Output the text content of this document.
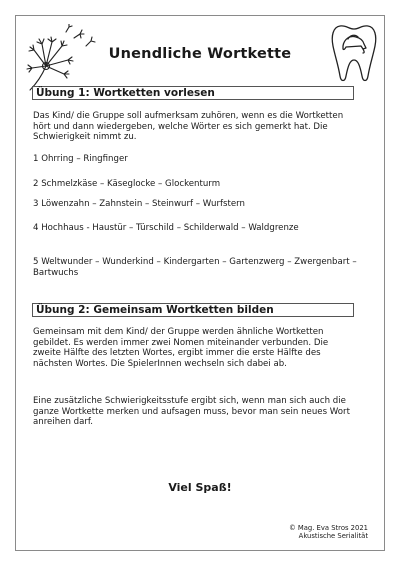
Unendliche Wortkette
Übung 1: Wortketten vorlesen

Das Kind/ die Gruppe soll aufmerksam zuhören, wenn es die Wortketten hört und dann wiedergeben, welche Wörter es sich gemerkt hat. Die Schwierigkeit nimmt zu.

1 Ohrring – Ringfinger
2 Schmelzkäse – Käseglocke – Glockenturm
3 Löwenzahn – Zahnstein – Steinwurf – Wurfstern
4 Hochhaus - Haustür – Türschild – Schilderwald – Waldgrenze
5 Weltwunder – Wunderkind – Kindergarten – Gartenzwerg – Zwergenbart – Bartwuchs
Übung 2: Gemeinsam Wortketten bilden

Gemeinsam mit dem Kind/ der Gruppe werden ähnliche Wortketten gebildet. Es werden immer zwei Nomen miteinander verbunden. Die zweite Hälfte des letzten Wortes, ergibt immer die erste Hälfte des nächsten Wortes. Die SpielerInnen wechseln sich dabei ab.

Eine zusätzliche Schwierigkeitsstufe ergibt sich, wenn man sich auch die ganze Wortkette merken und aufsagen muss, bevor man sein neues Wort anreihen darf.

Viel Spaß!
© Mag. Eva Stros 2021
Akustische Serialität
